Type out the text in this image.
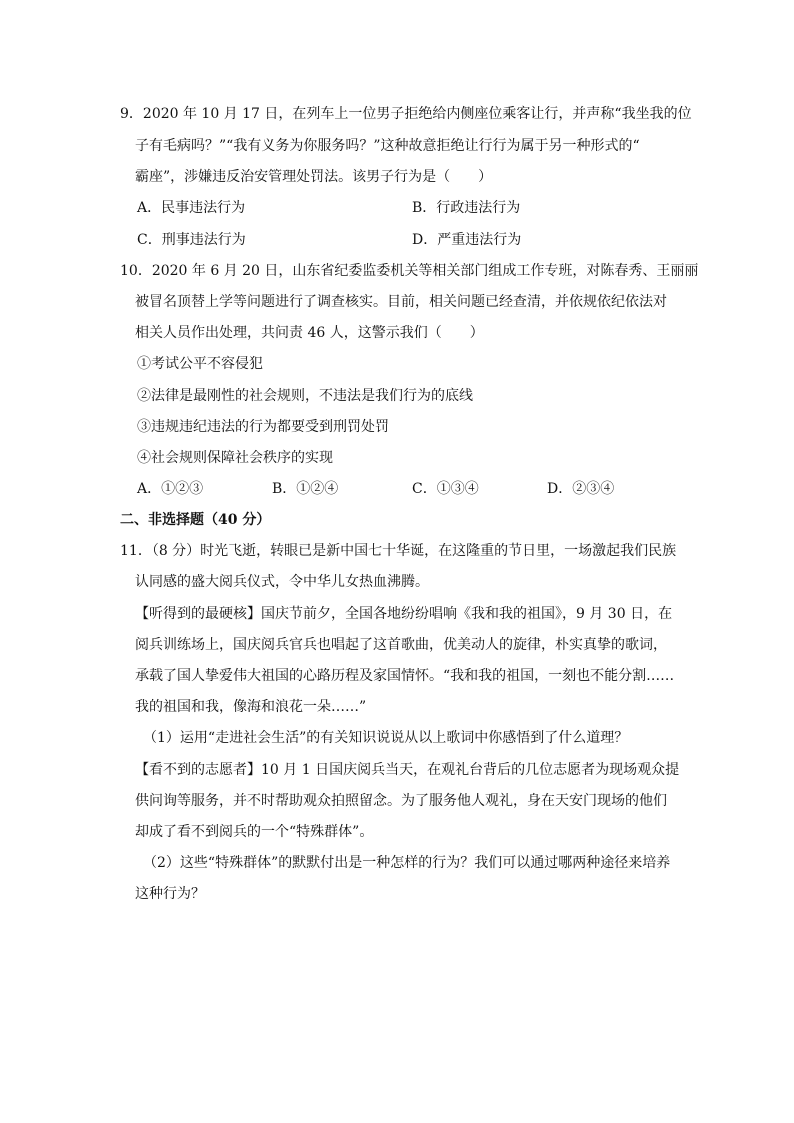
9．2020 年 10 月 17 日，在列车上一位男子拒绝给内侧座位乘客让行，并声称“我坐我的位
子有毛病吗？”“我有义务为你服务吗？”这种故意拒绝让行行为属于另一种形式的“
霸座”，涉嫌违反治安管理处罚法。该男子行为是（　　）
A．民事违法行为	B．行政违法行为
C．刑事违法行为	D．严重违法行为
10．2020 年 6 月 20 日，山东省纪委监委机关等相关部门组成工作专班，对陈春秀、王丽丽
被冒名顶替上学等问题进行了调查核实。目前，相关问题已经查清，并依规依纪依法对
相关人员作出处理，共问责 46 人，这警示我们（　　）
①考试公平不容侵犯
②法律是最刚性的社会规则，不违法是我们行为的底线
③违规违纪违法的行为都要受到刑罚处罚
④社会规则保障社会秩序的实现
A．①②③	B．①②④	C．①③④	D．②③④
二、非选择题（40 分）
11．（8 分）时光飞逝，转眼已是新中国七十华诞，在这隆重的节日里，一场激起我们民族
认同感的盛大阅兵仪式，令中华儿女热血沸腾。
【听得到的最硬核】国庆节前夕，全国各地纷纷唱响《我和我的祖国》，9 月 30 日，在
阅兵训练场上，国庆阅兵官兵也唱起了这首歌曲，优美动人的旋律，朴实真挚的歌词，
承载了国人挚爱伟大祖国的心路历程及家国情怀。“我和我的祖国，一刻也不能分割……
我的祖国和我，像海和浪花一朵……”
（1）运用“走进社会生活”的有关知识说说从以上歌词中你感悟到了什么道理？
【看不到的志愿者】10 月 1 日国庆阅兵当天，在观礼台背后的几位志愿者为现场观众提
供问询等服务，并不时帮助观众拍照留念。为了服务他人观礼，身在天安门现场的他们
却成了看不到阅兵的一个“特殊群体”。
（2）这些“特殊群体”的默默付出是一种怎样的行为？我们可以通过哪两种途径来培养
这种行为？
